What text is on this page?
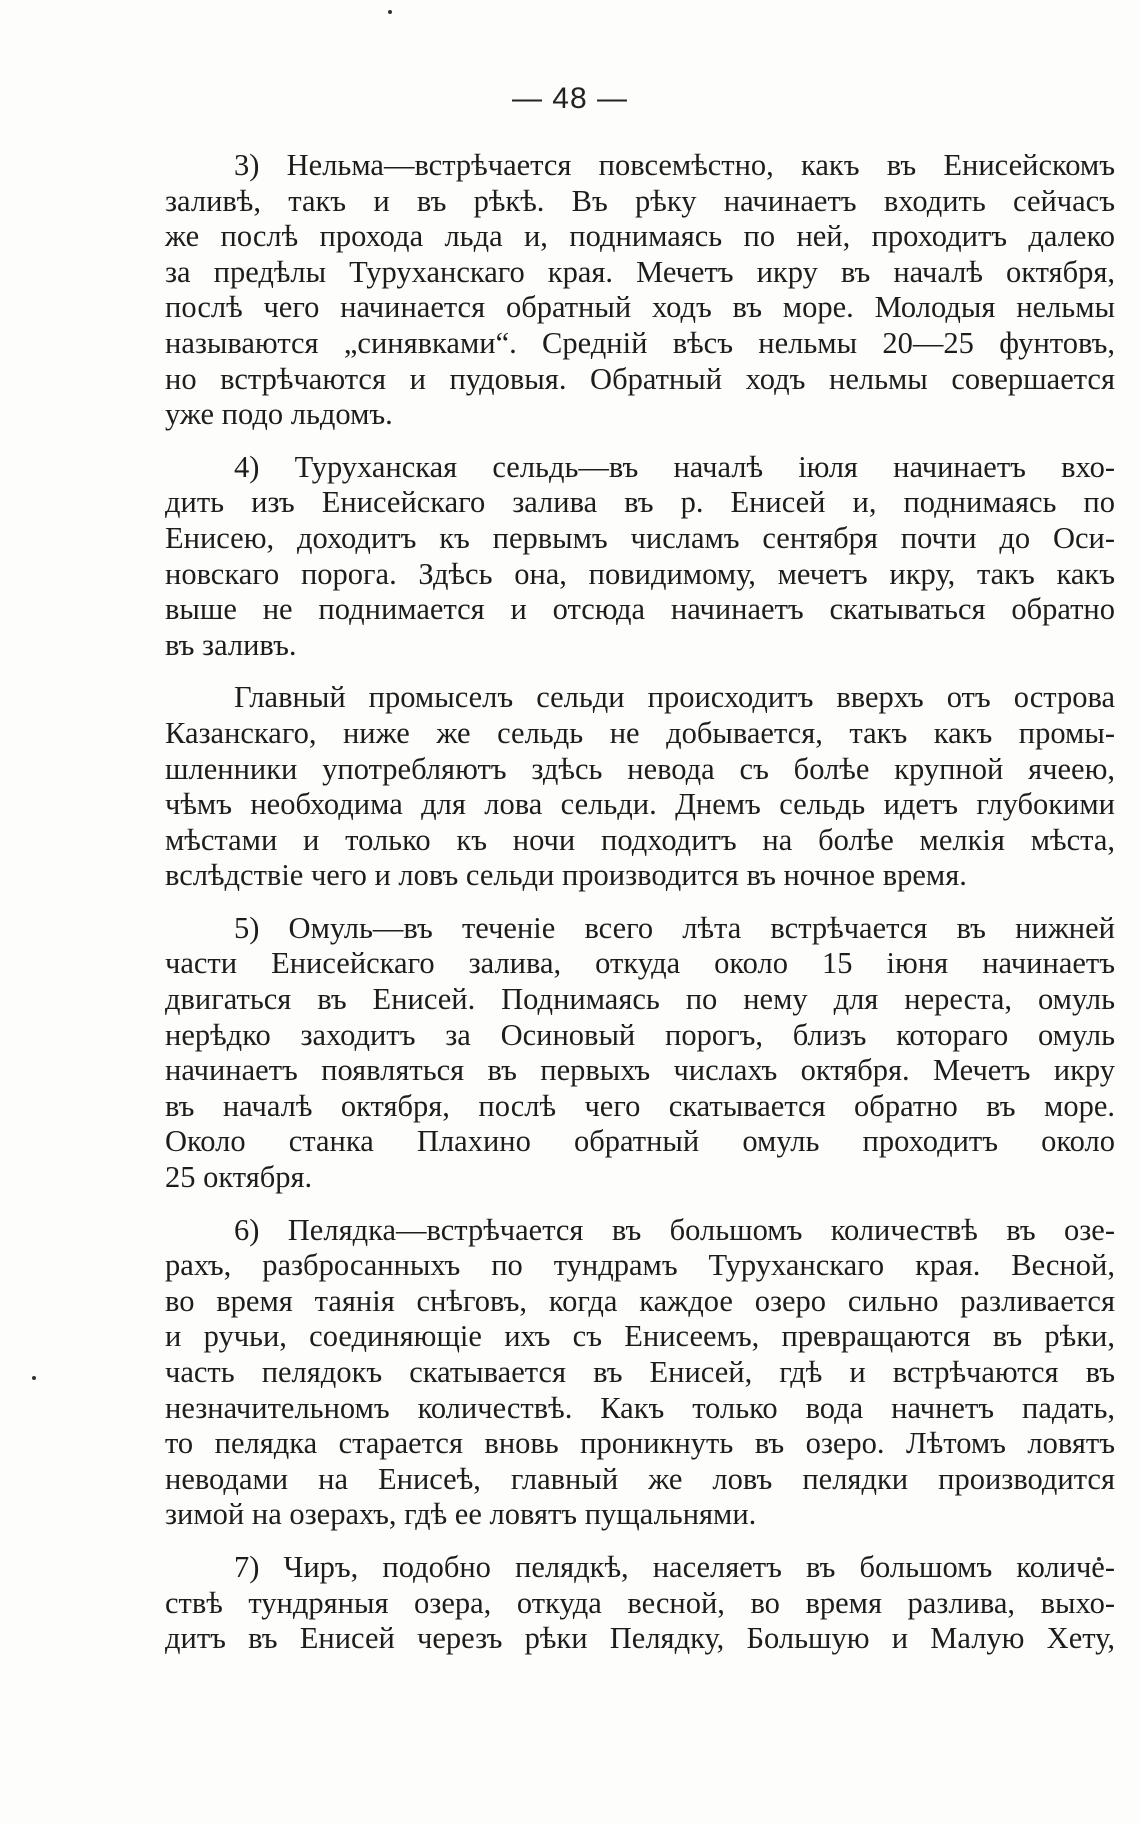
— 48 —

3) Нельма—встрѣчается повсемѣстно, какъ въ Енисейскомъ
заливѣ, такъ и въ рѣкѣ. Въ рѣку начинаетъ входить сейчасъ
же послѣ прохода льда и, поднимаясь по ней, проходитъ далеко
за предѣлы Туруханскаго края. Мечетъ икру въ началѣ октября,
послѣ чего начинается обратный ходъ въ море. Молодыя нельмы
называются „синявками“. Среднiй вѣсъ нельмы 20—25 фунтовъ,
но встрѣчаются и пудовыя. Обратный ходъ нельмы совершается
уже подо льдомъ.

4) Туруханская сельдь—въ началѣ iюля начинаетъ вхо-
дить изъ Енисейскаго залива въ р. Енисей и, поднимаясь по
Енисею, доходитъ къ первымъ числамъ сентября почти до Оси-
новскаго порога. Здѣсь она, повидимому, мечетъ икру, такъ какъ
выше не поднимается и отсюда начинаетъ скатываться обратно
въ заливъ.

Главный промыселъ сельди происходитъ вверхъ отъ острова
Казанскаго, ниже же сельдь не добывается, такъ какъ промы-
шленники употребляютъ здѣсь невода съ болѣе крупной ячеею,
чѣмъ необходима для лова сельди. Днемъ сельдь идетъ глубокими
мѣстами и только къ ночи подходитъ на болѣе мелкiя мѣста,
вслѣдствiе чего и ловъ сельди производится въ ночное время.

5) Омуль—въ теченiе всего лѣта встрѣчается въ нижней
части Енисейскаго залива, откуда около 15 iюня начинаетъ
двигаться въ Енисей. Поднимаясь по нему для нереста, омуль
нерѣдко заходитъ за Осиновый порогъ, близъ котораго омуль
начинаетъ появляться въ первыхъ числахъ октября. Мечетъ икру
въ началѣ октября, послѣ чего скатывается обратно въ море.
Около станка Плахино обратный омуль проходитъ около
25 октября.

6) Пелядка—встрѣчается въ большомъ количествѣ въ озе-
рахъ, разбросанныхъ по тундрамъ Туруханскаго края. Весной,
во время таянiя снѣговъ, когда каждое озеро сильно разливается
и ручьи, соединяющiе ихъ съ Енисеемъ, превращаются въ рѣки,
часть пелядокъ скатывается въ Енисей, гдѣ и встрѣчаются въ
незначительномъ количествѣ. Какъ только вода начнетъ падать,
то пелядка старается вновь проникнуть въ озеро. Лѣтомъ ловятъ
неводами на Енисеѣ, главный же ловъ пелядки производится
зимой на озерахъ, гдѣ ее ловятъ пущальнями.

7) Чиръ, подобно пелядкѣ, населяетъ въ большомъ количе-
ствѣ тундряныя озера, откуда весной, во время разлива, выхо-
дитъ въ Енисей черезъ рѣки Пелядку, Большую и Малую Хету,
